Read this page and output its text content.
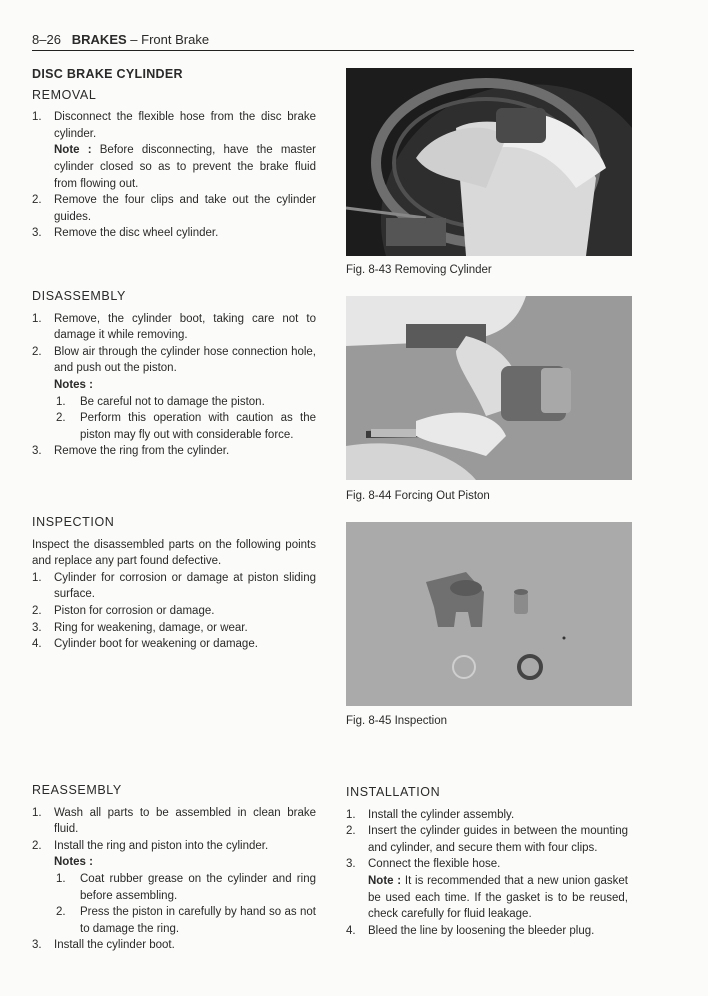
8–26 BRAKES – Front Brake
DISC BRAKE CYLINDER
REMOVAL
1.	Disconnect the flexible hose from the disc brake cylinder.
Note : Before disconnecting, have the master cylinder closed so as to prevent the brake fluid from flowing out.
2.	Remove the four clips and take out the cylinder guides.
3.	Remove the disc wheel cylinder.
DISASSEMBLY
1.	Remove, the cylinder boot, taking care not to damage it while removing.
2.	Blow air through the cylinder hose connection hole, and push out the piston.
Notes :
1.	Be careful not to damage the piston.
2.	Perform this operation with caution as the piston may fly out with considerable force.
3.	Remove the ring from the cylinder.
INSPECTION
Inspect the disassembled parts on the following points and replace any part found defective.
1.	Cylinder for corrosion or damage at piston sliding surface.
2.	Piston for corrosion or damage.
3.	Ring for weakening, damage, or wear.
4.	Cylinder boot for weakening or damage.
REASSEMBLY
1.	Wash all parts to be assembled in clean brake fluid.
2.	Install the ring and piston into the cylinder.
Notes :
1.	Coat rubber grease on the cylinder and ring before assembling.
2.	Press the piston in carefully by hand so as not to damage the ring.
3.	Install the cylinder boot.
INSTALLATION
1.	Install the cylinder assembly.
2.	Insert the cylinder guides in between the mounting and cylinder, and secure them with four clips.
3.	Connect the flexible hose.
Note : It is recommended that a new union gasket be used each time. If the gasket is to be reused, check carefully for fluid leakage.
4.	Bleed the line by loosening the bleeder plug.
Fig. 8-43 Removing Cylinder
Fig. 8-44 Forcing Out Piston
Fig. 8-45 Inspection
